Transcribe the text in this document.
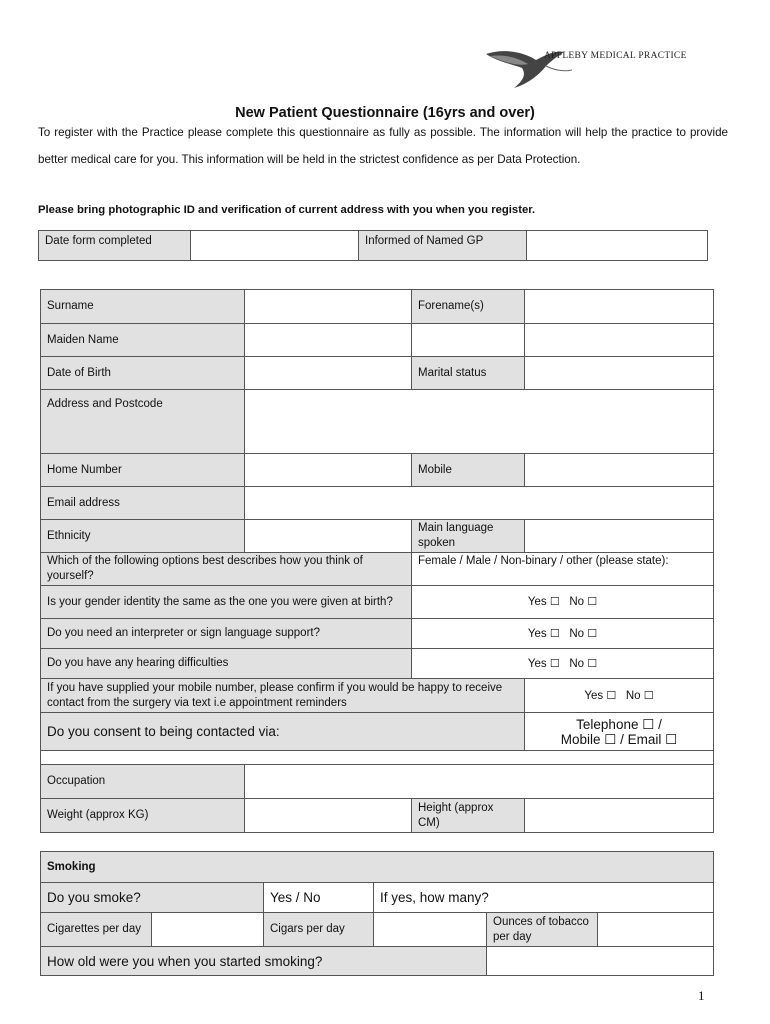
APPLEBY MEDICAL PRACTICE
New Patient Questionnaire (16yrs and over)
To register with the Practice please complete this questionnaire as fully as possible. The information will help the practice to provide better medical care for you. This information will be held in the strictest confidence as per Data Protection.
Please bring photographic ID and verification of current address with you when you register.
Date form completed		Informed of Named GP	
Surname		Forename(s)	
Maiden Name			
Date of Birth		Marital status	
Address and Postcode			
Home Number		Mobile	
Email address			
Ethnicity		Main language spoken	
Which of the following options best describes how you think of yourself?		Female / Male / Non-binary / other (please state):	
Is your gender identity the same as the one you were given at birth?		Yes ☐ No ☐	
Do you need an interpreter or sign language support?		Yes ☐ No ☐	
Do you have any hearing difficulties		Yes ☐ No ☐	
If you have supplied your mobile number, please confirm if you would be happy to receive contact from the surgery via text i.e appointment reminders			Yes ☐ No ☐
Do you consent to being contacted via:			Telephone ☐ /
Mobile ☐ / Email ☐

Occupation			
Weight (approx KG)		Height (approx CM)	
Smoking					
Do you smoke?		Yes / No	If yes, how many?		
Cigarettes per day		Cigars per day		Ounces of tobacco per day	
How old were you when you started smoking?					
1
